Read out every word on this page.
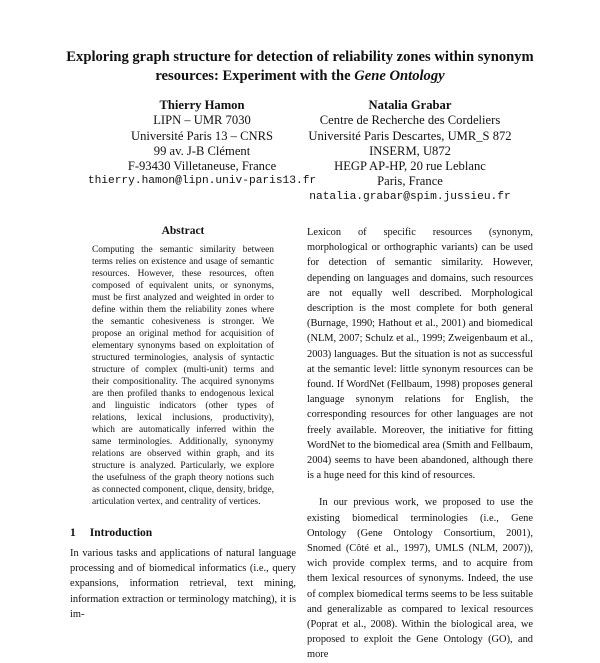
Exploring graph structure for detection of reliability zones within synonym
resources: Experiment with the Gene Ontology
Thierry Hamon
LIPN – UMR 7030
Université Paris 13 – CNRS
99 av. J-B Clément
F-93430 Villetaneuse, France
thierry.hamon@lipn.univ-paris13.fr
Natalia Grabar
Centre de Recherche des Cordeliers
Université Paris Descartes, UMR_S 872
INSERM, U872
HEGP AP-HP, 20 rue Leblanc
Paris, France
natalia.grabar@spim.jussieu.fr
Abstract
Computing the semantic similarity between terms relies on existence and usage of semantic resources. However, these resources, often composed of equivalent units, or synonyms, must be first analyzed and weighted in order to define within them the reliability zones where the semantic cohesiveness is stronger. We propose an original method for acquisition of elementary synonyms based on exploitation of structured terminologies, analysis of syntactic structure of complex (multi-unit) terms and their compositionality. The acquired synonyms are then profiled thanks to endogenous lexical and linguistic indicators (other types of relations, lexical inclusions, productivity), which are automatically inferred within the same terminologies. Additionally, synonymy relations are observed within graph, and its structure is analyzed. Particularly, we explore the usefulness of the graph theory notions such as connected component, clique, density, bridge, articulation vertex, and centrality of vertices.
1 Introduction
In various tasks and applications of natural language processing and of biomedical informatics (i.e., query expansions, information retrieval, text mining, information extraction or terminology matching), it is im-

Lexicon of specific resources (synonym, morphological or orthographic variants) can be used for detection of semantic similarity. However, depending on languages and domains, such resources are not equally well described. Morphological description is the most complete for both general (Burnage, 1990; Hathout et al., 2001) and biomedical (NLM, 2007; Schulz et al., 1999; Zweigenbaum et al., 2003) languages. But the situation is not as successful at the semantic level: little synonym resources can be found. If WordNet (Fellbaum, 1998) proposes general language synonym relations for English, the corresponding resources for other languages are not freely available. Moreover, the initiative for fitting WordNet to the biomedical area (Smith and Fellbaum, 2004) seems to have been abandoned, although there is a huge need for this kind of resources.

In our previous work, we proposed to use the existing biomedical terminologies (i.e., Gene Ontology (Gene Ontology Consortium, 2001), Snomed (Côté et al., 1997), UMLS (NLM, 2007)), wich provide complex terms, and to acquire from them lexical resources of synonyms. Indeed, the use of complex biomedical terms seems to be less suitable and generalizable as compared to lexical resources (Poprat et al., 2008). Within the biological area, we proposed to exploit the Gene Ontology (GO), and more
